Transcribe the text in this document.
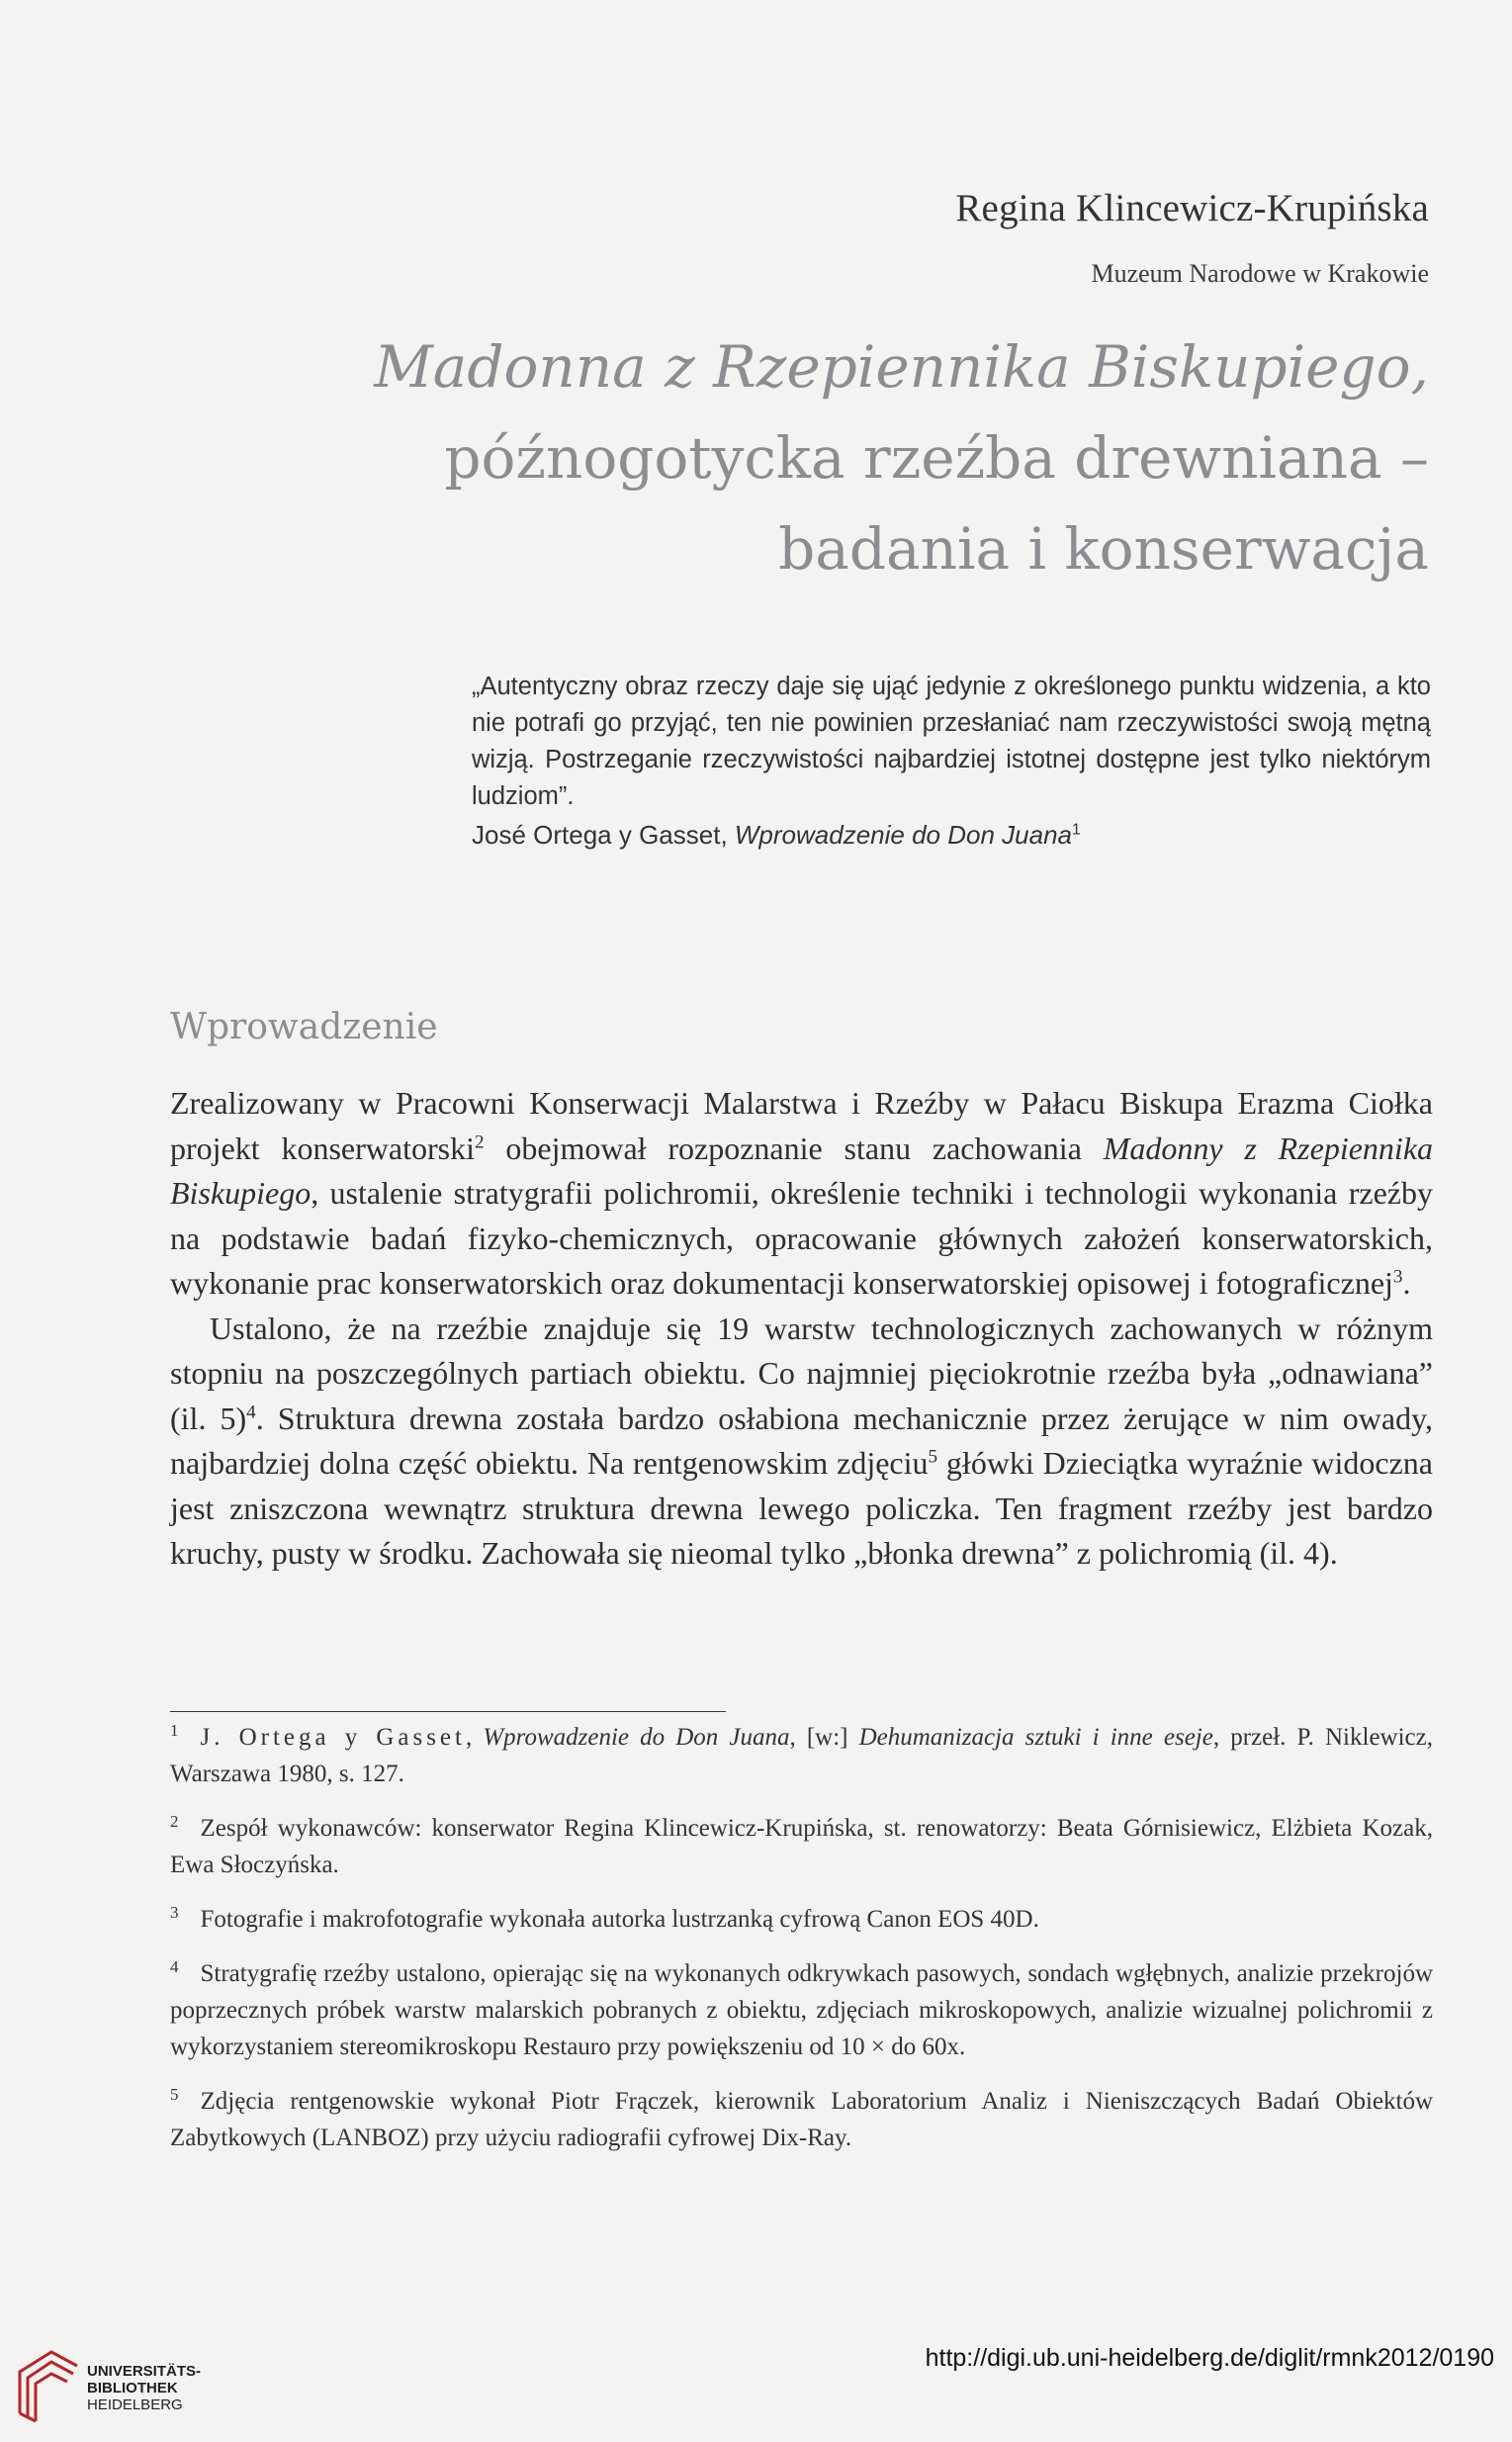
Regina Klincewicz-Krupińska
Muzeum Narodowe w Krakowie
Madonna z Rzepiennika Biskupiego,
późnogotycka rzeźba drewniana –
badania i konserwacja
„Autentyczny obraz rzeczy daje się ująć jedynie z określonego punktu widzenia, a kto nie potrafi go przyjąć, ten nie powinien przesłaniać nam rzeczywistości swoją mętną wizją. Postrzeganie rzeczywistości najbardziej istotnej dostępne jest tylko niektórym ludziom”.
José Ortega y Gasset, Wprowadzenie do Don Juana$^1$
Wprowadzenie

Zrealizowany w Pracowni Konserwacji Malarstwa i Rzeźby w Pałacu Biskupa Erazma Ciołka projekt konserwatorski$^2$ obejmował rozpoznanie stanu zachowania Madonny z Rzepiennika Biskupiego, ustalenie stratygrafii polichromii, określenie techniki i technologii wykonania rzeźby na podstawie badań fizyko-chemicznych, opracowanie głównych założeń konserwatorskich, wykonanie prac konserwatorskich oraz dokumentacji konserwatorskiej opisowej i fotograficznej$^3$.

Ustalono, że na rzeźbie znajduje się 19 warstw technologicznych zachowanych w różnym stopniu na poszczególnych partiach obiektu. Co najmniej pięciokrotnie rzeźba była „odnawiana” (il. 5)$^4$. Struktura drewna została bardzo osłabiona mechanicznie przez żerujące w nim owady, najbardziej dolna część obiektu. Na rentgenowskim zdjęciu$^5$ główki Dzieciątka wyraźnie widoczna jest zniszczona wewnątrz struktura drewna lewego policzka. Ten fragment rzeźby jest bardzo kruchy, pusty w środku. Zachowała się nieomal tylko „błonka drewna” z polichromią (il. 4).

$^1$ J. Ortega y Gasset, Wprowadzenie do Don Juana, [w:] Dehumanizacja sztuki i inne eseje, przeł. P. Niklewicz, Warszawa 1980, s. 127.

$^2$ Zespół wykonawców: konserwator Regina Klincewicz-Krupińska, st. renowatorzy: Beata Górnisiewicz, Elżbieta Kozak, Ewa Słoczyńska.

$^3$ Fotografie i makrofotografie wykonała autorka lustrzanką cyfrową Canon EOS 40D.

$^4$ Stratygrafię rzeźby ustalono, opierając się na wykonanych odkrywkach pasowych, sondach wgłębnych, analizie przekrojów poprzecznych próbek warstw malarskich pobranych z obiektu, zdjęciach mikroskopowych, analizie wizualnej polichromii z wykorzystaniem stereomikroskopu Restauro przy powiększeniu od 10 × do 60x.

$^5$ Zdjęcia rentgenowskie wykonał Piotr Frączek, kierownik Laboratorium Analiz i Nieniszczących Badań Obiektów Zabytkowych (LANBOZ) przy użyciu radiografii cyfrowej Dix-Ray.

UNIVERSITÄTS-
BIBLIOTHEK
HEIDELBERG
http://digi.ub.uni-heidelberg.de/diglit/rmnk2012/0190
